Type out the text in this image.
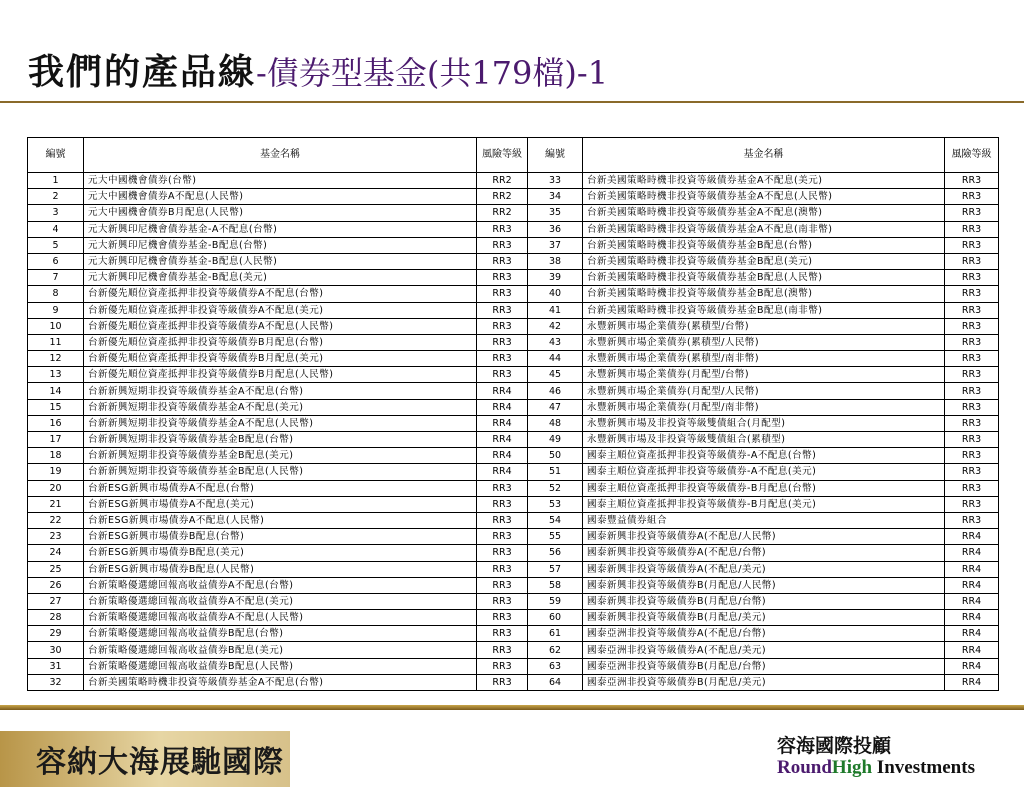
我們的產品線-債券型基金(共179檔)-1
編號	基金名稱	風險等級	編號	基金名稱	風險等級
1	元大中國機會債券(台幣)	RR2	33	台新美國策略時機非投資等級債券基金A不配息(美元)	RR3
2	元大中國機會債券A不配息(人民幣)	RR2	34	台新美國策略時機非投資等級債券基金A不配息(人民幣)	RR3
3	元大中國機會債券B月配息(人民幣)	RR2	35	台新美國策略時機非投資等級債券基金A不配息(澳幣)	RR3
4	元大新興印尼機會債券基金-A不配息(台幣)	RR3	36	台新美國策略時機非投資等級債券基金A不配息(南非幣)	RR3
5	元大新興印尼機會債券基金-B配息(台幣)	RR3	37	台新美國策略時機非投資等級債券基金B配息(台幣)	RR3
6	元大新興印尼機會債券基金-B配息(人民幣)	RR3	38	台新美國策略時機非投資等級債券基金B配息(美元)	RR3
7	元大新興印尼機會債券基金-B配息(美元)	RR3	39	台新美國策略時機非投資等級債券基金B配息(人民幣)	RR3
8	台新優先順位資產抵押非投資等級債券A不配息(台幣)	RR3	40	台新美國策略時機非投資等級債券基金B配息(澳幣)	RR3
9	台新優先順位資產抵押非投資等級債券A不配息(美元)	RR3	41	台新美國策略時機非投資等級債券基金B配息(南非幣)	RR3
10	台新優先順位資產抵押非投資等級債券A不配息(人民幣)	RR3	42	永豐新興市場企業債券(累積型/台幣)	RR3
11	台新優先順位資產抵押非投資等級債券B月配息(台幣)	RR3	43	永豐新興市場企業債券(累積型/人民幣)	RR3
12	台新優先順位資產抵押非投資等級債券B月配息(美元)	RR3	44	永豐新興市場企業債券(累積型/南非幣)	RR3
13	台新優先順位資產抵押非投資等級債券B月配息(人民幣)	RR3	45	永豐新興市場企業債券(月配型/台幣)	RR3
14	台新新興短期非投資等級債券基金A不配息(台幣)	RR4	46	永豐新興市場企業債券(月配型/人民幣)	RR3
15	台新新興短期非投資等級債券基金A不配息(美元)	RR4	47	永豐新興市場企業債券(月配型/南非幣)	RR3
16	台新新興短期非投資等級債券基金A不配息(人民幣)	RR4	48	永豐新興市場及非投資等級雙債組合(月配型)	RR3
17	台新新興短期非投資等級債券基金B配息(台幣)	RR4	49	永豐新興市場及非投資等級雙債組合(累積型)	RR3
18	台新新興短期非投資等級債券基金B配息(美元)	RR4	50	國泰主順位資產抵押非投資等級債券-A不配息(台幣)	RR3
19	台新新興短期非投資等級債券基金B配息(人民幣)	RR4	51	國泰主順位資產抵押非投資等級債券-A不配息(美元)	RR3
20	台新ESG新興市場債券A不配息(台幣)	RR3	52	國泰主順位資產抵押非投資等級債券-B月配息(台幣)	RR3
21	台新ESG新興市場債券A不配息(美元)	RR3	53	國泰主順位資產抵押非投資等級債券-B月配息(美元)	RR3
22	台新ESG新興市場債券A不配息(人民幣)	RR3	54	國泰豐益債券組合	RR3
23	台新ESG新興市場債券B配息(台幣)	RR3	55	國泰新興非投資等級債券A(不配息/人民幣)	RR4
24	台新ESG新興市場債券B配息(美元)	RR3	56	國泰新興非投資等級債券A(不配息/台幣)	RR4
25	台新ESG新興市場債券B配息(人民幣)	RR3	57	國泰新興非投資等級債券A(不配息/美元)	RR4
26	台新策略優選總回報高收益債券A不配息(台幣)	RR3	58	國泰新興非投資等級債券B(月配息/人民幣)	RR4
27	台新策略優選總回報高收益債券A不配息(美元)	RR3	59	國泰新興非投資等級債券B(月配息/台幣)	RR4
28	台新策略優選總回報高收益債券A不配息(人民幣)	RR3	60	國泰新興非投資等級債券B(月配息/美元)	RR4
29	台新策略優選總回報高收益債券B配息(台幣)	RR3	61	國泰亞洲非投資等級債券A(不配息/台幣)	RR4
30	台新策略優選總回報高收益債券B配息(美元)	RR3	62	國泰亞洲非投資等級債券A(不配息/美元)	RR4
31	台新策略優選總回報高收益債券B配息(人民幣)	RR3	63	國泰亞洲非投資等級債券B(月配息/台幣)	RR4
32	台新美國策略時機非投資等級債券基金A不配息(台幣)	RR3	64	國泰亞洲非投資等級債券B(月配息/美元)	RR4
容納大海展馳國際	容海國際投顧
RoundHigh Investments
